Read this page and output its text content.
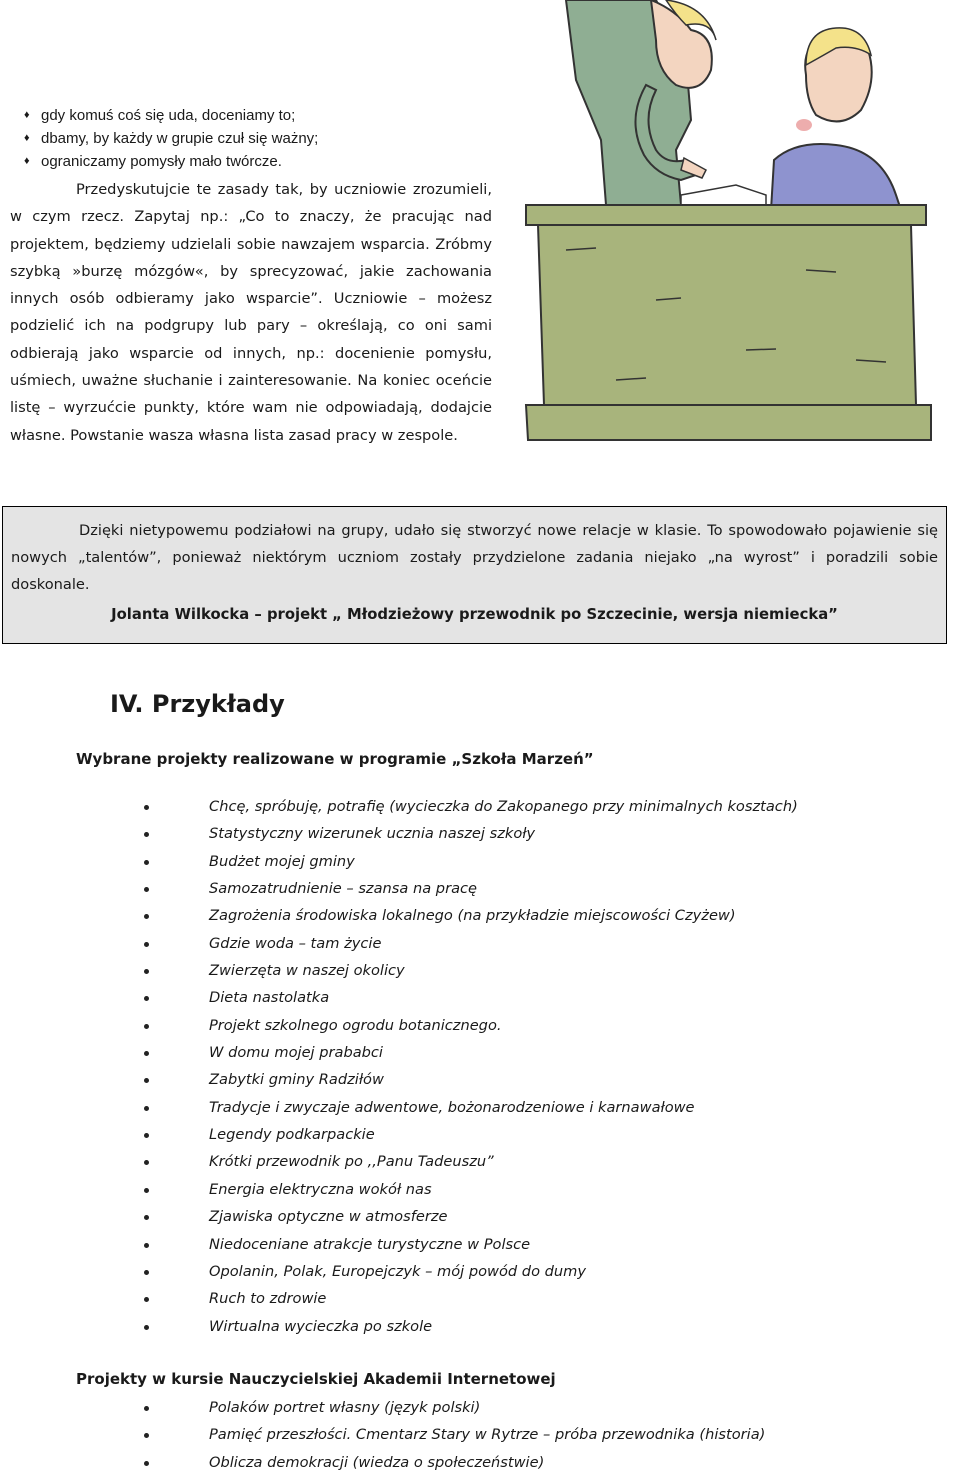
♦ gdy komuś coś się uda, doceniamy to;
♦ dbamy, by każdy w grupie czuł się ważny;
♦ ograniczamy pomysły mało twórcze.

Przedyskutujcie te zasady tak, by uczniowie zrozumieli, w czym rzecz. Zapytaj np.: „Co to znaczy, że pracując nad projektem, będziemy udzielali sobie nawzajem wsparcia. Zróbmy szybką »burzę mózgów«, by sprecyzować, jakie zachowania innych osób odbieramy jako wsparcie”. Uczniowie – możesz podzielić ich na podgrupy lub pary – określają, co oni sami odbierają jako wsparcie od innych, np.: docenienie pomysłu, uśmiech, uważne słuchanie i zainteresowanie. Na koniec oceńcie listę – wyrzućcie punkty, które wam nie odpowiadają, dodajcie własne. Powstanie wasza własna lista zasad pracy w zespole.

Dzięki nietypowemu podziałowi na grupy, udało się stworzyć nowe relacje w klasie. To spowodowało pojawienie się nowych „talentów”, ponieważ niektórym uczniom zostały przydzielone zadania niejako „na wyrost” i poradzili sobie doskonale.

Jolanta Wilkocka – projekt „ Młodzieżowy przewodnik po Szczecinie, wersja niemiecka”

IV. Przykłady
Wybrane projekty realizowane w programie „Szkoła Marzeń”
Chcę, spróbuję, potrafię (wycieczka do Zakopanego przy minimalnych kosztach)
Statystyczny wizerunek ucznia naszej szkoły
Budżet mojej gminy
Samozatrudnienie – szansa na pracę
Zagrożenia środowiska lokalnego (na przykładzie miejscowości Czyżew)
Gdzie woda – tam życie
Zwierzęta w naszej okolicy
Dieta nastolatka
Projekt szkolnego ogrodu botanicznego.
W domu mojej prababci
Zabytki gminy Radziłów
Tradycje i zwyczaje adwentowe, bożonarodzeniowe i karnawałowe
Legendy podkarpackie
Krótki przewodnik po ,,Panu Tadeuszu”
Energia elektryczna wokół nas
Zjawiska optyczne w atmosferze
Niedoceniane atrakcje turystyczne w Polsce
Opolanin, Polak, Europejczyk – mój powód do dumy
Ruch to zdrowie
Wirtualna wycieczka po szkole
Projekty w kursie Nauczycielskiej Akademii Internetowej
Polaków portret własny (język polski)
Pamięć przeszłości. Cmentarz Stary w Rytrze – próba przewodnika (historia)
Oblicza demokracji (wiedza o społeczeństwie)
